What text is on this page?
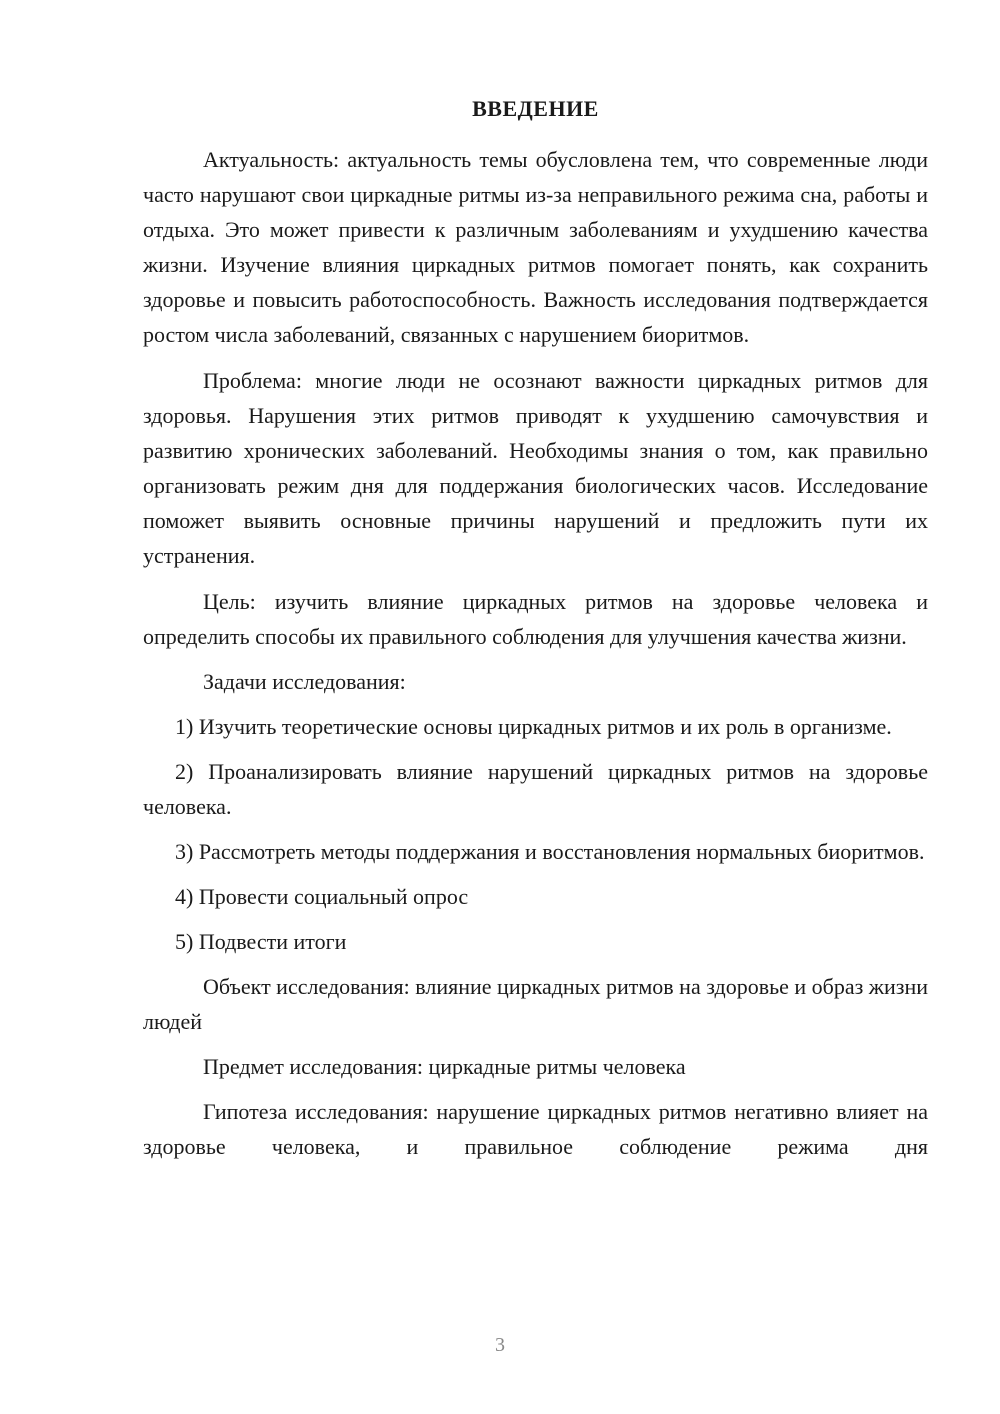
ВВЕДЕНИЕ

Актуальность: актуальность темы обусловлена тем, что современные люди часто нарушают свои циркадные ритмы из-за неправильного режима сна, работы и отдыха. Это может привести к различным заболеваниям и ухудшению качества жизни. Изучение влияния циркадных ритмов помогает понять, как сохранить здоровье и повысить работоспособность. Важность исследования подтверждается ростом числа заболеваний, связанных с нарушением биоритмов.

Проблема: многие люди не осознают важности циркадных ритмов для здоровья. Нарушения этих ритмов приводят к ухудшению самочувствия и развитию хронических заболеваний. Необходимы знания о том, как правильно организовать режим дня для поддержания биологических часов. Исследование поможет выявить основные причины нарушений и предложить пути их устранения.

Цель: изучить влияние циркадных ритмов на здоровье человека и определить способы их правильного соблюдения для улучшения качества жизни.

Задачи исследования:

1) Изучить теоретические основы циркадных ритмов и их роль в организме.

2) Проанализировать влияние нарушений циркадных ритмов на здоровье человека.

3) Рассмотреть методы поддержания и восстановления нормальных биоритмов.

4) Провести социальный опрос

5) Подвести итоги

Объект исследования: влияние циркадных ритмов на здоровье и образ жизни людей

Предмет исследования: циркадные ритмы человека

Гипотеза исследования: нарушение циркадных ритмов негативно влияет на здоровье человека, и правильное соблюдение режима дня

3
